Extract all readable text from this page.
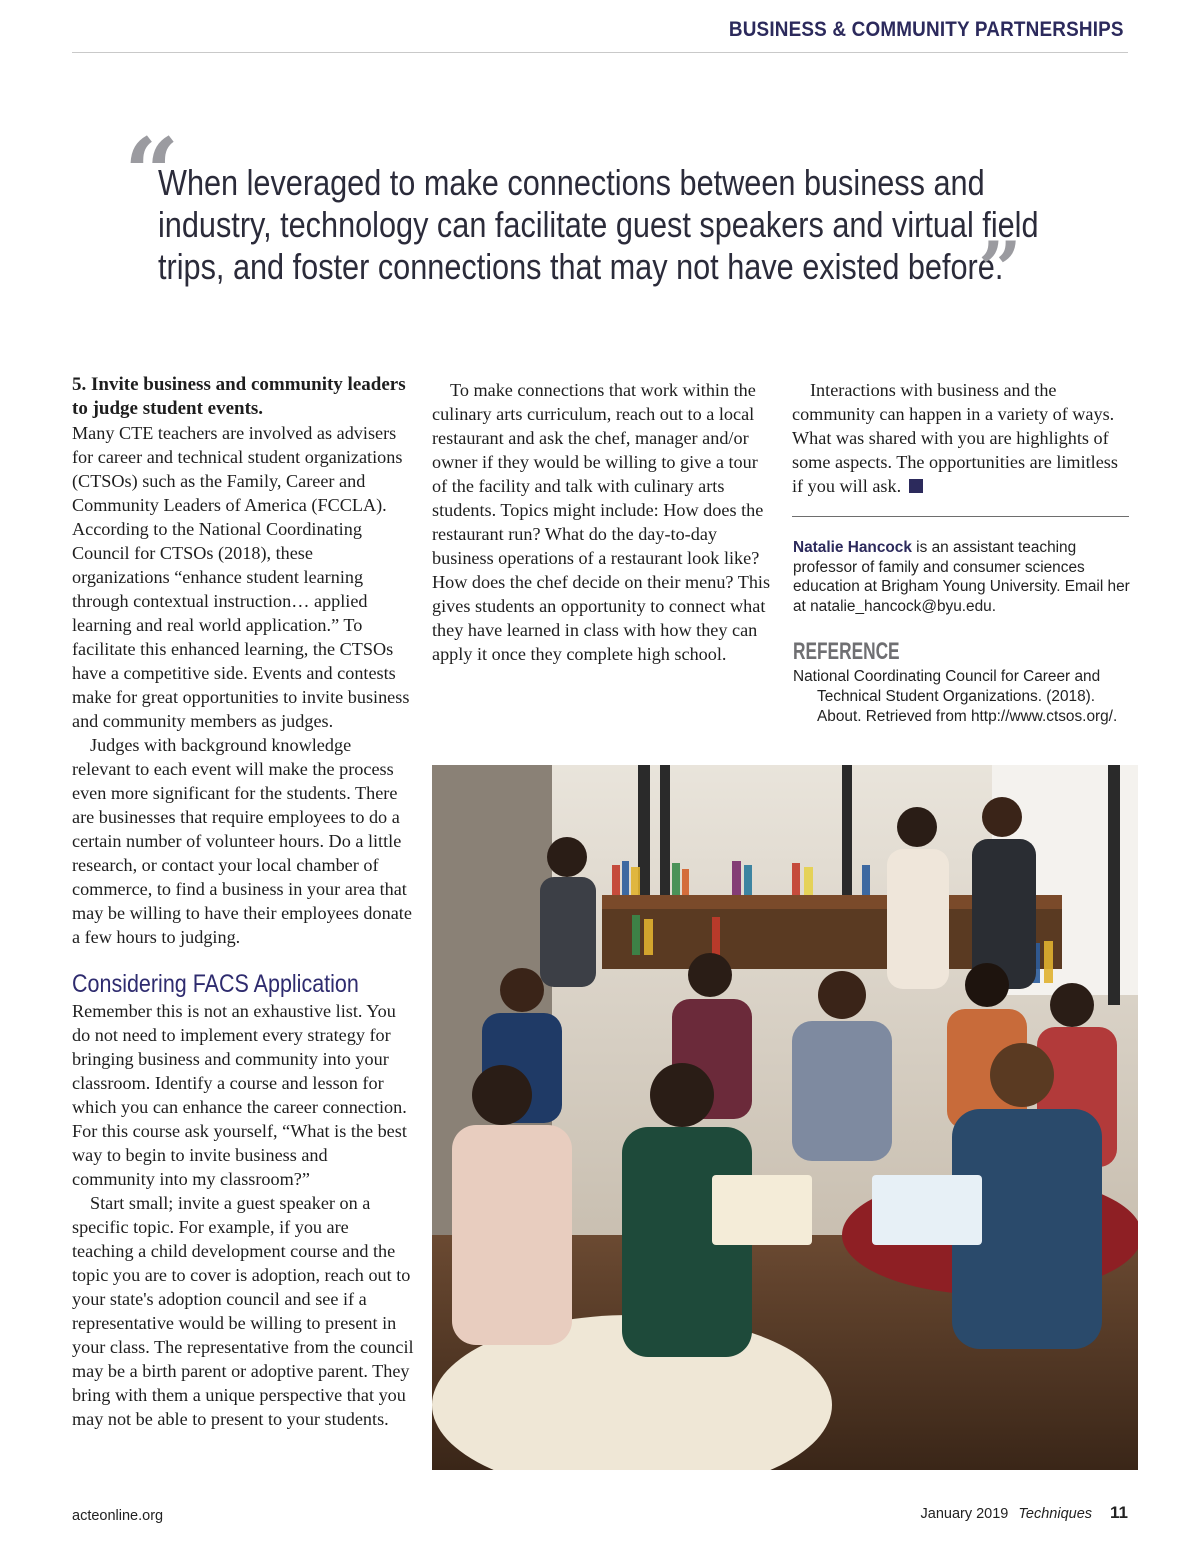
BUSINESS & COMMUNITY PARTNERSHIPS
“
When leveraged to make connections between business and
industry, technology can facilitate guest speakers and virtual field
trips, and foster connections that may not have existed before.
”

5. Invite business and community leaders to judge student events.

Many CTE teachers are involved as advisers for career and technical student organizations (CTSOs) such as the Family, Career and Community Leaders of America (FCCLA). According to the National Coordinating Council for CTSOs (2018), these organizations “enhance student learning through contextual instruction… applied learning and real world application.” To facilitate this enhanced learning, the CTSOs have a competitive side. Events and contests make for great opportunities to invite business and community members as judges.

Judges with background knowledge relevant to each event will make the process even more significant for the students. There are businesses that require employees to do a certain number of volunteer hours. Do a little research, or contact your local chamber of commerce, to find a business in your area that may be willing to have their employees donate a few hours to judging.

Considering FACS Application

Remember this is not an exhaustive list. You do not need to implement every strategy for bringing business and community into your classroom. Identify a course and lesson for which you can enhance the career connection. For this course ask yourself, “What is the best way to begin to invite business and community into my classroom?”

Start small; invite a guest speaker on a specific topic. For example, if you are teaching a child development course and the topic you are to cover is adoption, reach out to your state's adoption council and see if a representative would be willing to present in your class. The representative from the council may be a birth parent or adoptive parent. They bring with them a unique perspective that you may not be able to present to your students.

To make connections that work within the culinary arts curriculum, reach out to a local restaurant and ask the chef, manager and/or owner if they would be willing to give a tour of the facility and talk with culinary arts students. Topics might include: How does the restaurant run? What do the day-to-day business operations of a restaurant look like? How does the chef decide on their menu? This gives students an opportunity to connect what they have learned in class with how they can apply it once they complete high school.

Interactions with business and the community can happen in a variety of ways. What was shared with you are highlights of some aspects. The opportunities are limitless if you will ask.

Natalie Hancock is an assistant teaching professor of family and consumer sciences education at Brigham Young University. Email her at natalie_hancock@byu.edu.
REFERENCE
National Coordinating Council for Career and Technical Student Organizations. (2018). About. Retrieved from http://www.ctsos.org/.
acteonline.org	January 2019 Techniques 11
